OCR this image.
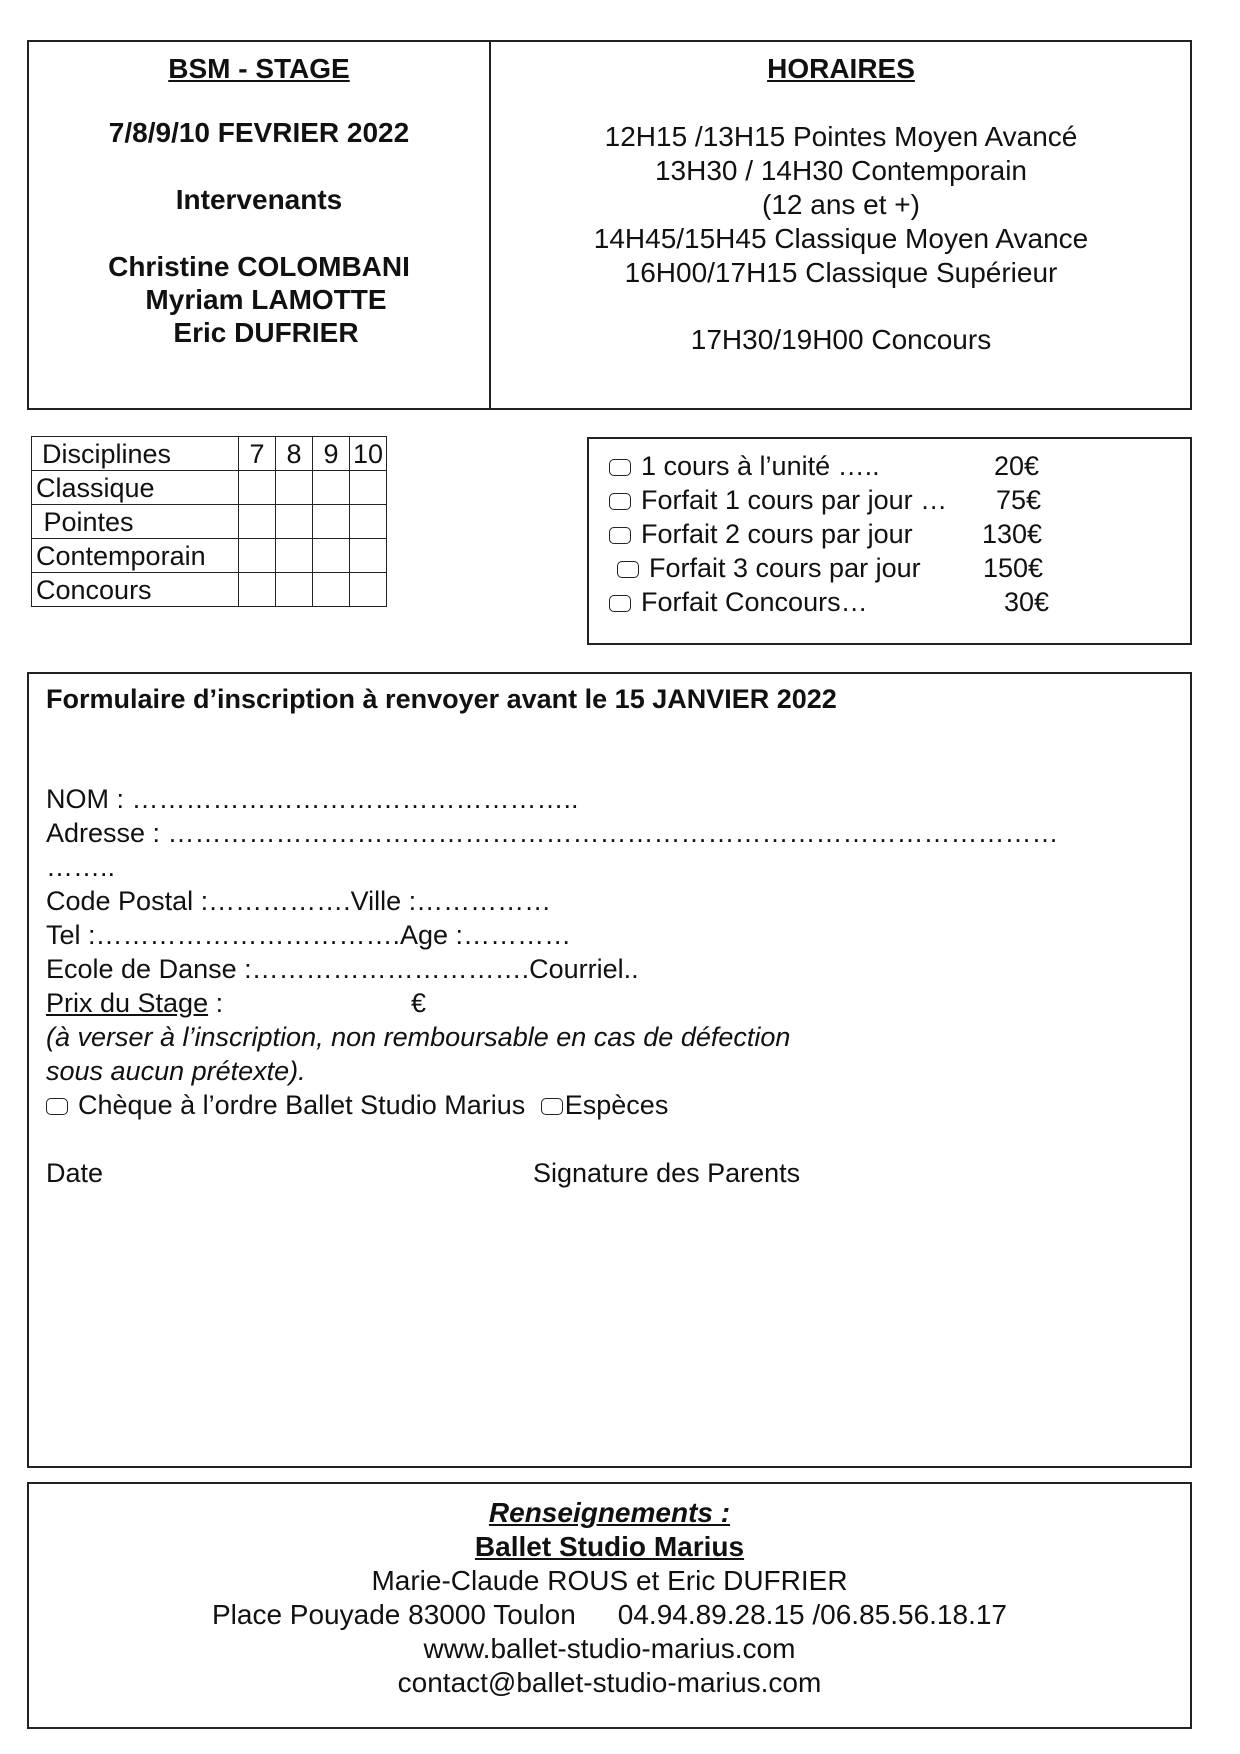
BSM - STAGE
7/8/9/10 FEVRIER 2022
Intervenants
Christine COLOMBANI
Myriam LAMOTTE
Eric DUFRIER
HORAIRES
12H15 /13H15 Pointes Moyen Avancé
13H30 / 14H30 Contemporain
(12 ans et +)
14H45/15H45 Classique Moyen Avance
16H00/17H15 Classique Supérieur
17H30/19H00 Concours
Disciplines	7	8	9	10
Classique				
Pointes				
Contemporain				
Concours				
1 cours à l’unité …..	20€
Forfait 1 cours par jour … 75€
Forfait 2 cours par jour	130€
Forfait 3 cours par jour 150€
Forfait Concours…	30€
Formulaire d’inscription à renvoyer avant le 15 JANVIER 2022
NOM : …………………………………………..
Adresse : ………………………………………………………………………………………
……..
Code Postal :…………….Ville :……………
Tel :…………………………….Age :…………
Ecole de Danse :………………………….Courriel..
Prix du Stage :	€
(à verser à l’inscription, non remboursable en cas de défection
sous aucun prétexte).
Chèque à l’ordre Ballet Studio Marius Espèces
Date	Signature des Parents
Renseignements :
Ballet Studio Marius
Marie-Claude ROUS et Eric DUFRIER
Place Pouyade 83000 Toulon 04.94.89.28.15 /06.85.56.18.17
www.ballet-studio-marius.com
contact@ballet-studio-marius.com
